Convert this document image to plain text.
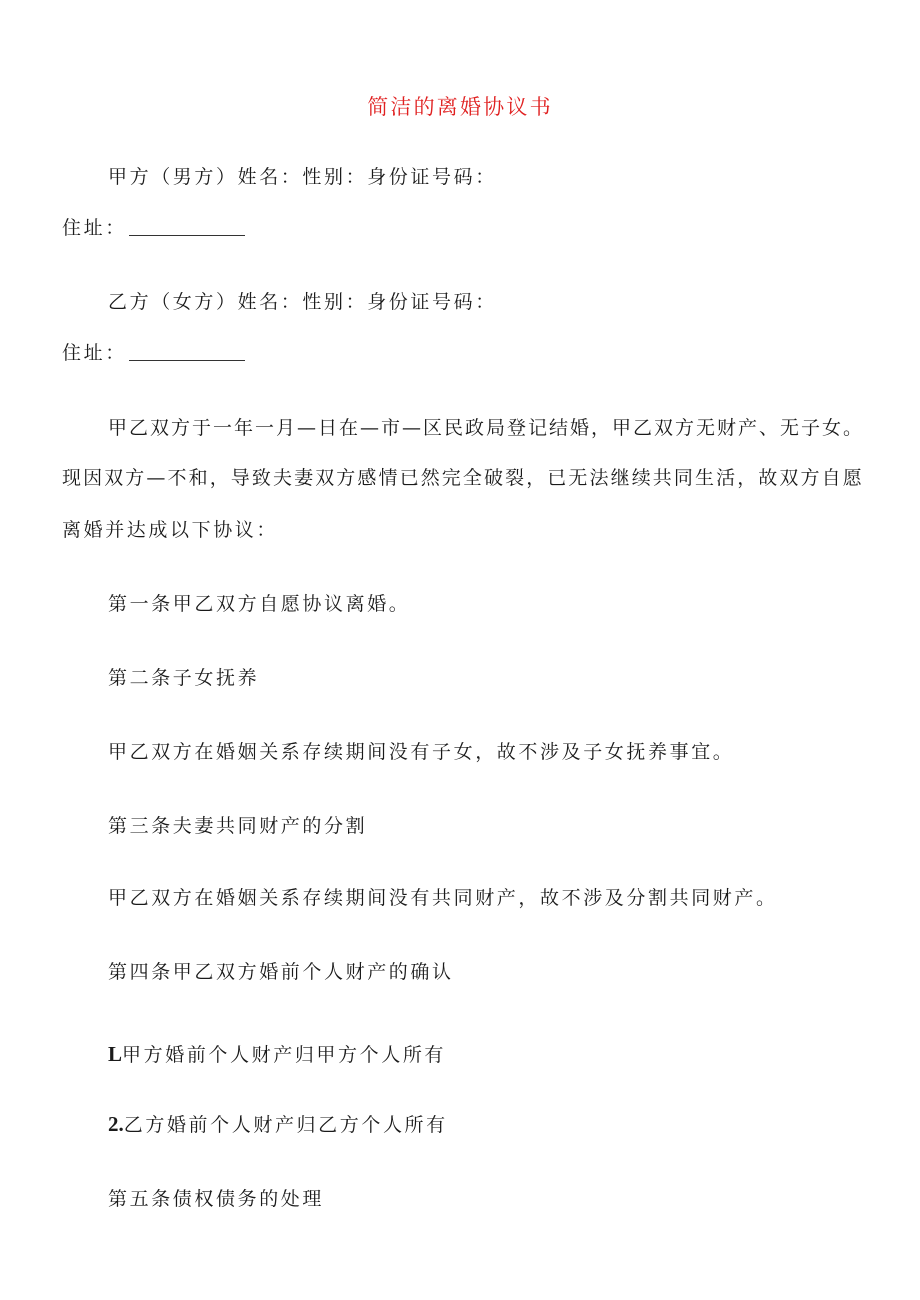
简洁的离婚协议书
甲方（男方）姓名：性别：身份证号码：
住址：
乙方（女方）姓名：性别：身份证号码：
住址：
甲乙双方于一年一月—日在—市—区民政局登记结婚，甲乙双方无财产、无子女。
现因双方—不和，导致夫妻双方感情已然完全破裂，已无法继续共同生活，故双方自愿
离婚并达成以下协议：
第一条甲乙双方自愿协议离婚。
第二条子女抚养
甲乙双方在婚姻关系存续期间没有子女，故不涉及子女抚养事宜。
第三条夫妻共同财产的分割
甲乙双方在婚姻关系存续期间没有共同财产，故不涉及分割共同财产。
第四条甲乙双方婚前个人财产的确认
L甲方婚前个人财产归甲方个人所有
2.乙方婚前个人财产归乙方个人所有
第五条债权债务的处理
